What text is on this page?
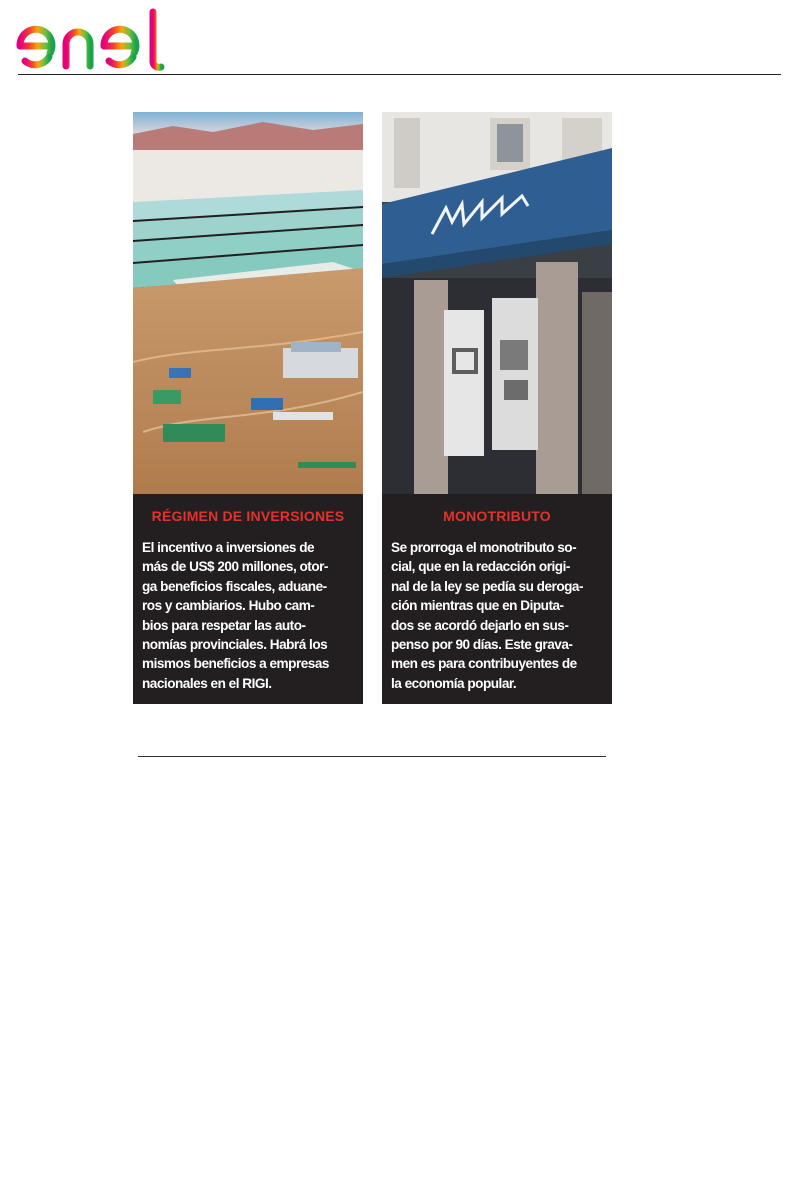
RÉGIMEN DE INVERSIONES
El incentivo a inversiones de
más de US$ 200 millones, otor-
ga beneficios fiscales, aduane-
ros y cambiarios. Hubo cam-
bios para respetar las auto-
nomías provinciales. Habrá los
mismos beneficios a empresas
nacionales en el RIGI.
MONOTRIBUTO
Se prorroga el monotributo so-
cial, que en la redacción origi-
nal de la ley se pedía su deroga-
ción mientras que en Diputa-
dos se acordó dejarlo en sus-
penso por 90 días. Este grava-
men es para contribuyentes de
la economía popular.
